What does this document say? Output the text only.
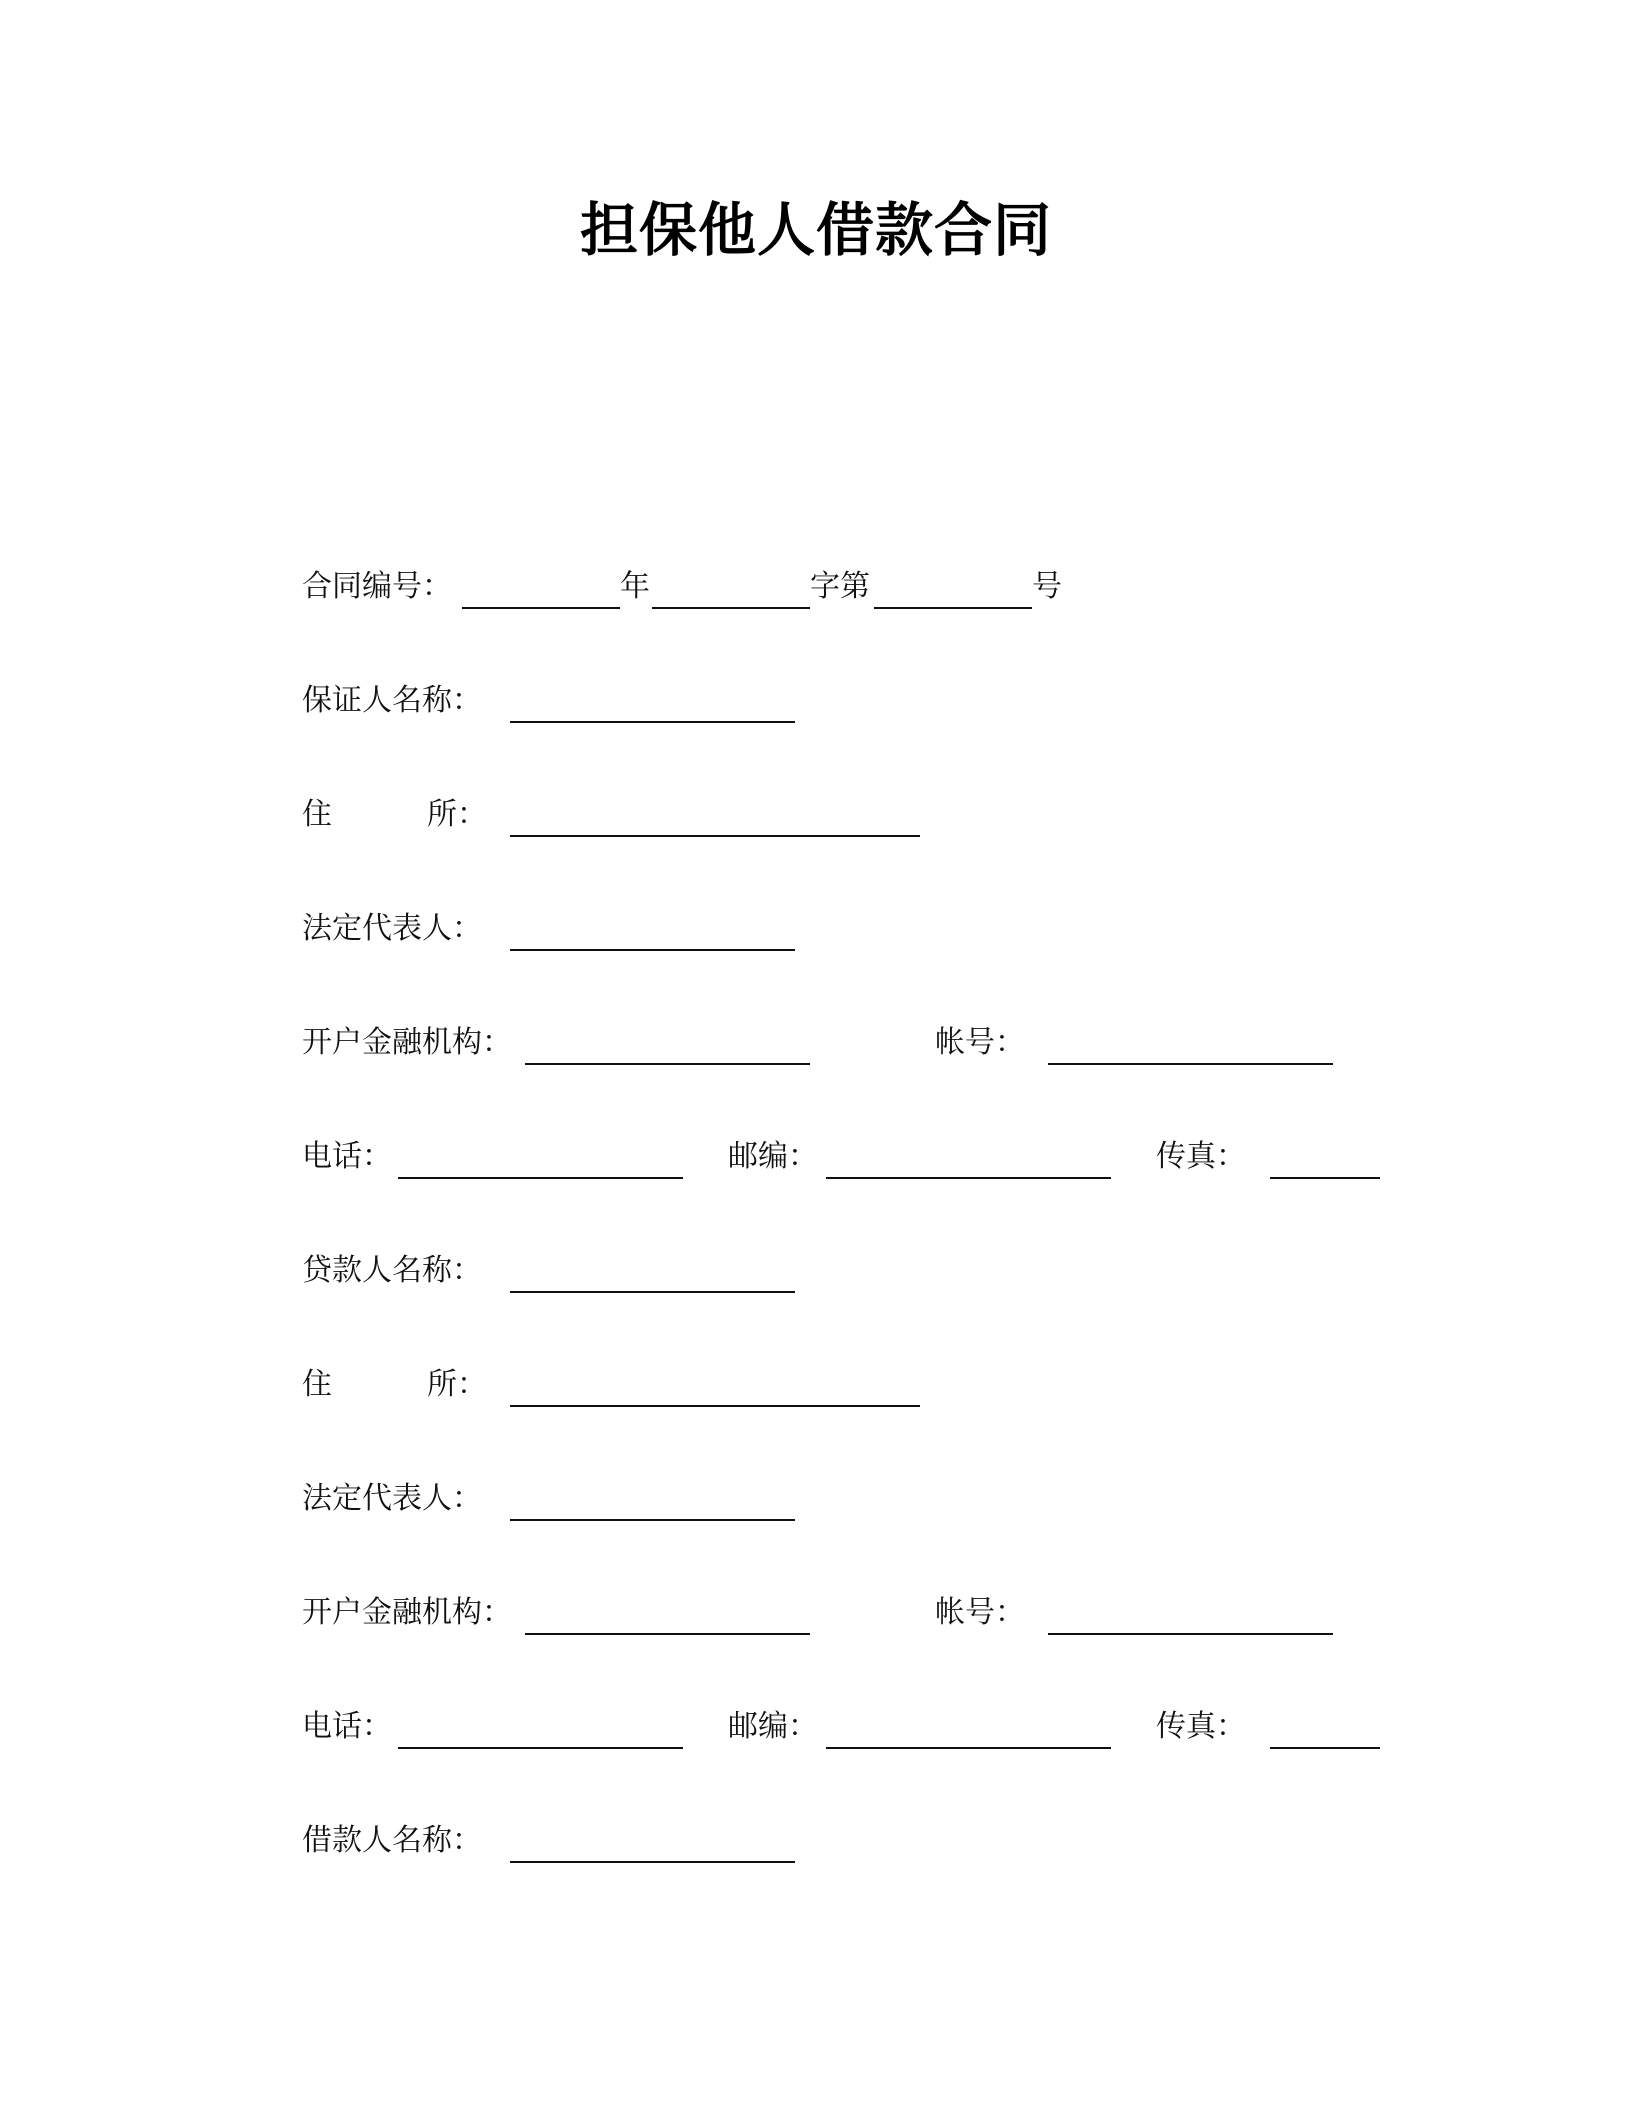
担保他人借款合同
合同编号：	年	字第	号
保证人名称：
住	所：
法定代表人：
开户金融机构：	帐号：
电话：	邮编：	传真：
贷款人名称：
住	所：
法定代表人：
开户金融机构：	帐号：
电话：	邮编：	传真：
借款人名称：
